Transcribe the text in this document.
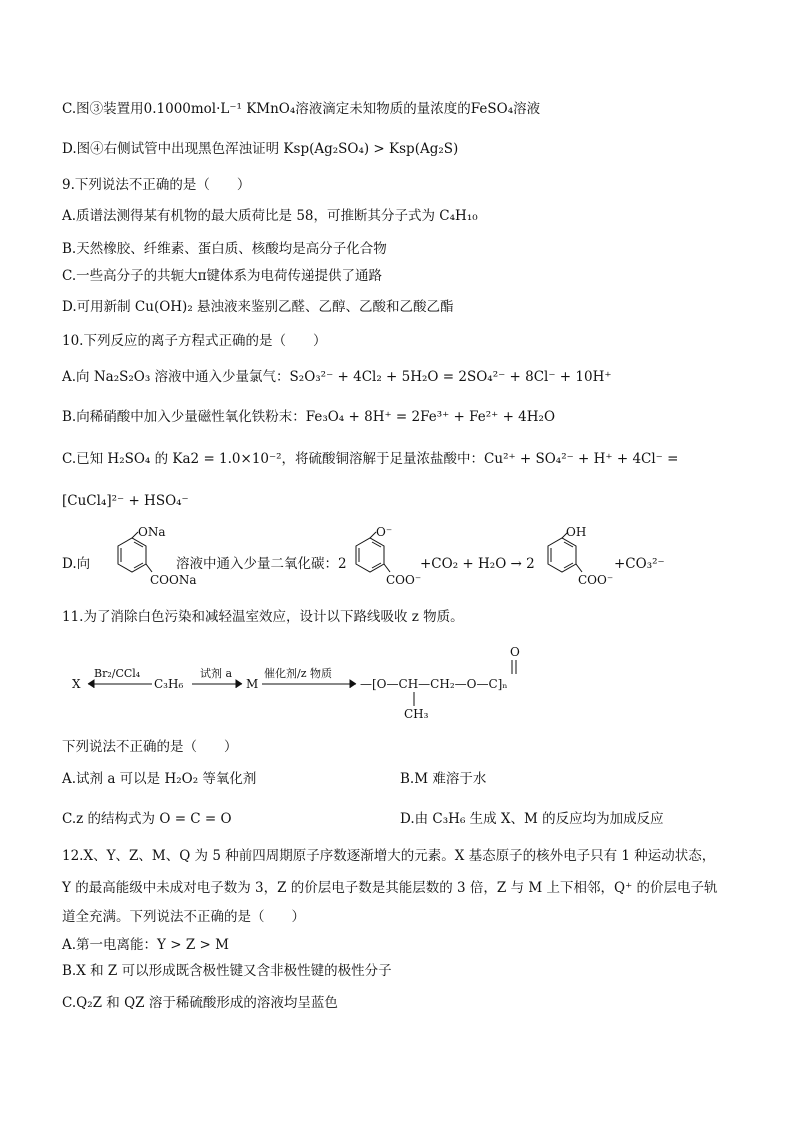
C.图③装置用0.1000mol·L⁻¹ KMnO₄溶液滴定未知物质的量浓度的FeSO₄溶液
D.图④右侧试管中出现黑色浑浊证明 Ksp(Ag₂SO₄) > Ksp(Ag₂S)
9.下列说法不正确的是（　　）
A.质谱法测得某有机物的最大质荷比是 58，可推断其分子式为 C₄H₁₀
B.天然橡胶、纤维素、蛋白质、核酸均是高分子化合物
C.一些高分子的共轭大π键体系为电荷传递提供了通路
D.可用新制 Cu(OH)₂ 悬浊液来鉴别乙醛、乙醇、乙酸和乙酸乙酯
10.下列反应的离子方程式正确的是（　　）
A.向 Na₂S₂O₃ 溶液中通入少量氯气：S₂O₃²⁻ + 4Cl₂ + 5H₂O = 2SO₄²⁻ + 8Cl⁻ + 10H⁺
B.向稀硝酸中加入少量磁性氧化铁粉末：Fe₃O₄ + 8H⁺ = 2Fe³⁺ + Fe²⁺ + 4H₂O
C.已知 H₂SO₄ 的 Ka2 = 1.0×10⁻²，将硫酸铜溶解于足量浓盐酸中：Cu²⁺ + SO₄²⁻ + H⁺ + 4Cl⁻ =
[CuCl₄]²⁻ + HSO₄⁻
D.向
ONa
COONa
溶液中通入少量二氧化碳：2
O⁻
COO⁻
+CO₂ + H₂O → 2
OH
COO⁻
+CO₃²⁻
11.为了消除白色污染和减轻温室效应，设计以下路线吸收 z 物质。
X
Br₂/CCl₄
C₃H₆
试剂 a
M
催化剂/z 物质
—[O—CH—CH₂—O—C]ₙ
O
CH₃
下列说法不正确的是（　　）
A.试剂 a 可以是 H₂O₂ 等氧化剂	B.M 难溶于水
C.z 的结构式为 O = C = O	D.由 C₃H₆ 生成 X、M 的反应均为加成反应
12.X、Y、Z、M、Q 为 5 种前四周期原子序数逐渐增大的元素。X 基态原子的核外电子只有 1 种运动状态，
Y 的最高能级中未成对电子数为 3，Z 的价层电子数是其能层数的 3 倍，Z 与 M 上下相邻，Q⁺ 的价层电子轨
道全充满。下列说法不正确的是（　　）
A.第一电离能：Y > Z > M
B.X 和 Z 可以形成既含极性键又含非极性键的极性分子
C.Q₂Z 和 QZ 溶于稀硫酸形成的溶液均呈蓝色
